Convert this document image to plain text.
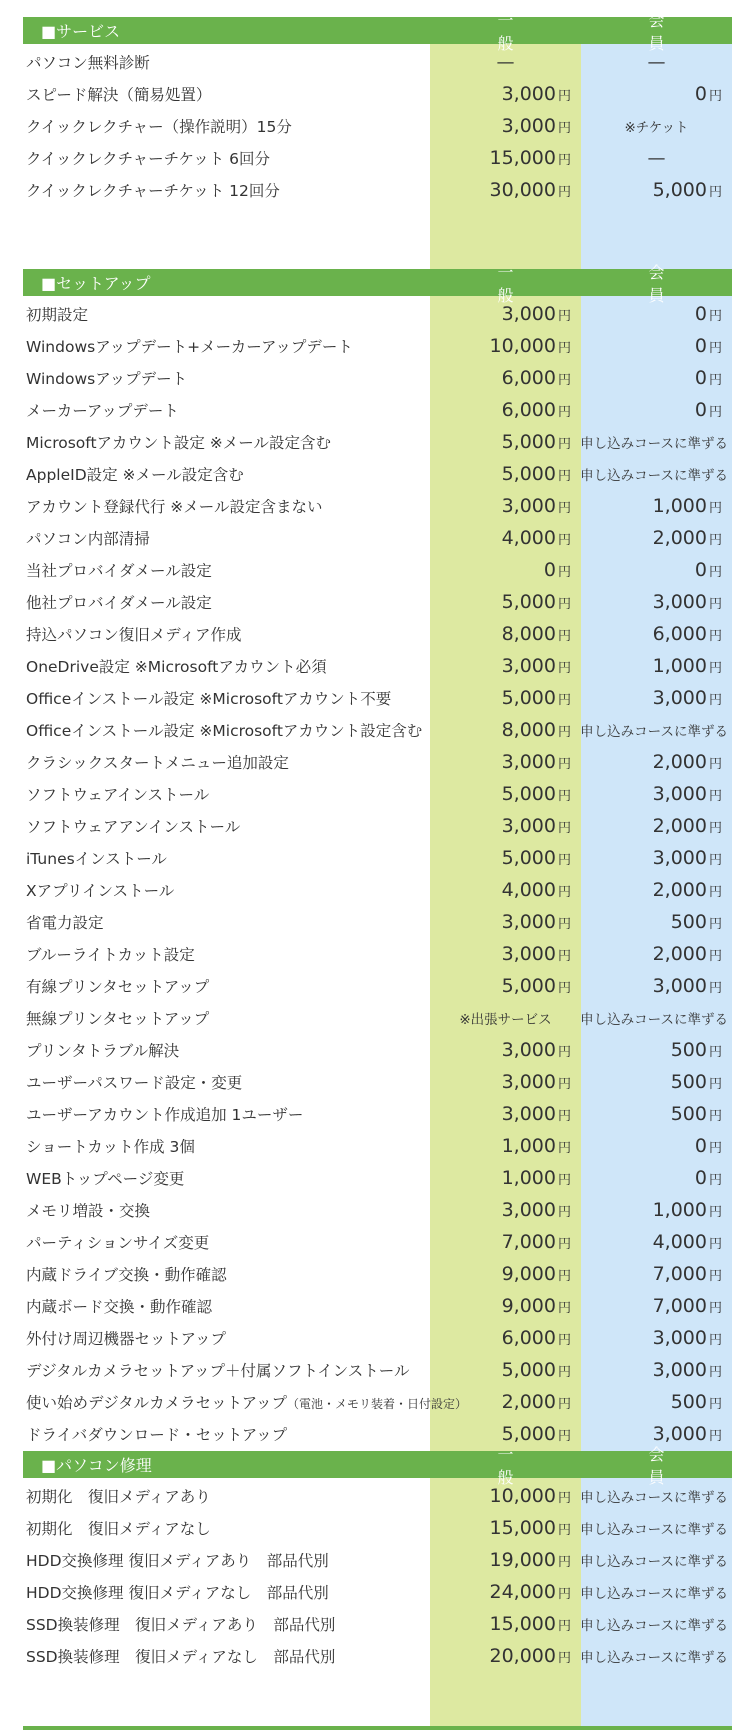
■サービス
一　般
会　員
パソコン無料診断	—	—
スピード解決（簡易処置）	3,000 円	0 円
クイックレクチャー（操作説明）15分	3,000 円	※チケット
クイックレクチャーチケット 6回分	15,000 円	—
クイックレクチャーチケット 12回分	30,000 円	5,000 円
■セットアップ
一　般
会　員
初期設定	3,000 円	0 円
Windowsアップデート+メーカーアップデート	10,000 円	0 円
Windowsアップデート	6,000 円	0 円
メーカーアップデート	6,000 円	0 円
Microsoftアカウント設定 ※メール設定含む	5,000 円 申し込みコースに準ずる
AppleID設定 ※メール設定含む	5,000 円 申し込みコースに準ずる
アカウント登録代行 ※メール設定含まない	3,000 円	1,000 円
パソコン内部清掃	4,000 円	2,000 円
当社プロバイダメール設定	0 円	0 円
他社プロバイダメール設定	5,000 円	3,000 円
持込パソコン復旧メディア作成	8,000 円	6,000 円
OneDrive設定 ※Microsoftアカウント必須	3,000 円	1,000 円
Officeインストール設定 ※Microsoftアカウント不要	5,000 円	3,000 円
Officeインストール設定 ※Microsoftアカウント設定含む	8,000 円 申し込みコースに準ずる
クラシックスタートメニュー追加設定	3,000 円	2,000 円
ソフトウェアインストール	5,000 円	3,000 円
ソフトウェアアンインストール	3,000 円	2,000 円
iTunesインストール	5,000 円	3,000 円
Xアプリインストール	4,000 円	2,000 円
省電力設定	3,000 円	500 円
ブルーライトカット設定	3,000 円	2,000 円
有線プリンタセットアップ	5,000 円	3,000 円
無線プリンタセットアップ	※出張サービス 申し込みコースに準ずる
プリンタトラブル解決	3,000 円	500 円
ユーザーパスワード設定・変更	3,000 円	500 円
ユーザーアカウント作成追加 1ユーザー	3,000 円	500 円
ショートカット作成 3個	1,000 円	0 円
WEBトップページ変更	1,000 円	0 円
メモリ増設・交換	3,000 円	1,000 円
パーティションサイズ変更	7,000 円	4,000 円
内蔵ドライブ交換・動作確認	9,000 円	7,000 円
内蔵ボード交換・動作確認	9,000 円	7,000 円
外付け周辺機器セットアップ	6,000 円	3,000 円
デジタルカメラセットアップ＋付属ソフトインストール	5,000 円	3,000 円
使い始めデジタルカメラセットアップ（電池・メモリ装着・日付設定） 2,000 円	500 円
ドライバダウンロード・セットアップ	5,000 円	3,000 円
■パソコン修理
一　般
会　員
初期化　復旧メディアあり	10,000 円 申し込みコースに準ずる
初期化　復旧メディアなし	15,000 円 申し込みコースに準ずる
HDD交換修理 復旧メディアあり　部品代別	19,000 円 申し込みコースに準ずる
HDD交換修理 復旧メディアなし　部品代別	24,000 円 申し込みコースに準ずる
SSD換装修理　復旧メディアあり　部品代別	15,000 円 申し込みコースに準ずる
SSD換装修理　復旧メディアなし　部品代別	20,000 円 申し込みコースに準ずる
